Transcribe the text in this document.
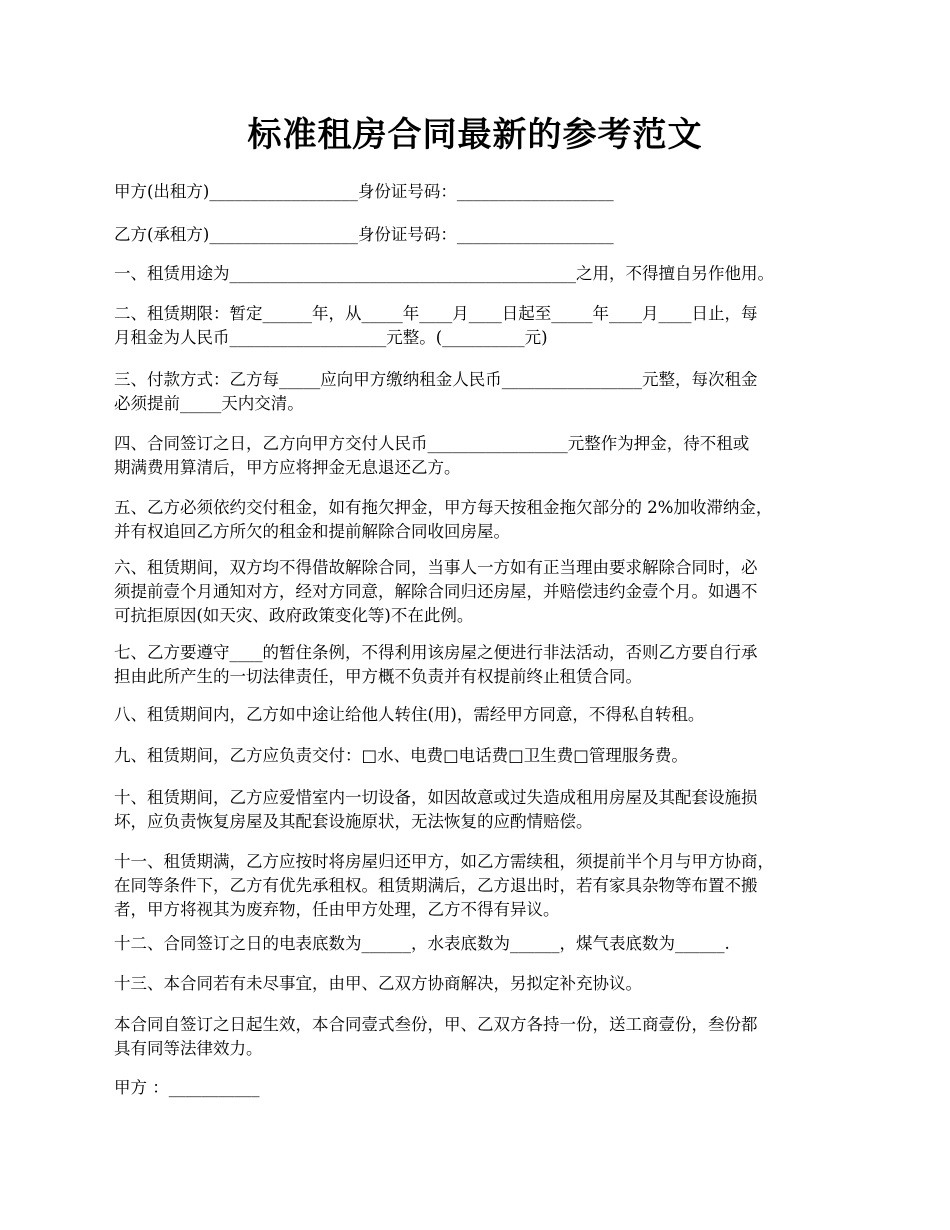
标准租房合同最新的参考范文
甲方(出租方)__________________身份证号码：___________________
乙方(承租方)__________________身份证号码：___________________
一、租赁用途为__________________________________________之用，不得擅自另作他用。
二、租赁期限：暂定______年，从_____年____月____日起至_____年____月____日止，每
月租金为人民币___________________元整。(__________元)
三、付款方式：乙方每_____应向甲方缴纳租金人民币_________________元整，每次租金
必须提前_____天内交清。
四、合同签订之日，乙方向甲方交付人民币_________________元整作为押金，待不租或
期满费用算清后，甲方应将押金无息退还乙方。
五、乙方必须依约交付租金，如有拖欠押金，甲方每天按租金拖欠部分的 2%加收滞纳金，
并有权追回乙方所欠的租金和提前解除合同收回房屋。
六、租赁期间，双方均不得借故解除合同，当事人一方如有正当理由要求解除合同时，必
须提前壹个月通知对方，经对方同意，解除合同归还房屋，并赔偿违约金壹个月。如遇不
可抗拒原因(如天灾、政府政策变化等)不在此例。
七、乙方要遵守____的暂住条例，不得利用该房屋之便进行非法活动，否则乙方要自行承
担由此所产生的一切法律责任，甲方概不负责并有权提前终止租赁合同。
八、租赁期间内，乙方如中途让给他人转住(用)，需经甲方同意，不得私自转租。
九、租赁期间，乙方应负责交付：□水、电费□电话费□卫生费□管理服务费。
十、租赁期间，乙方应爱惜室内一切设备，如因故意或过失造成租用房屋及其配套设施损
坏，应负责恢复房屋及其配套设施原状，无法恢复的应酌情赔偿。
十一、租赁期满，乙方应按时将房屋归还甲方，如乙方需续租，须提前半个月与甲方协商，
在同等条件下，乙方有优先承租权。租赁期满后，乙方退出时，若有家具杂物等布置不搬
者，甲方将视其为废弃物，任由甲方处理，乙方不得有异议。
十二、合同签订之日的电表底数为______，水表底数为______，煤气表底数为______.
十三、本合同若有未尽事宜，由甲、乙双方协商解决，另拟定补充协议。
本合同自签订之日起生效，本合同壹式叁份，甲、乙双方各持一份，送工商壹份，叁份都
具有同等法律效力。
甲方 ：___________
